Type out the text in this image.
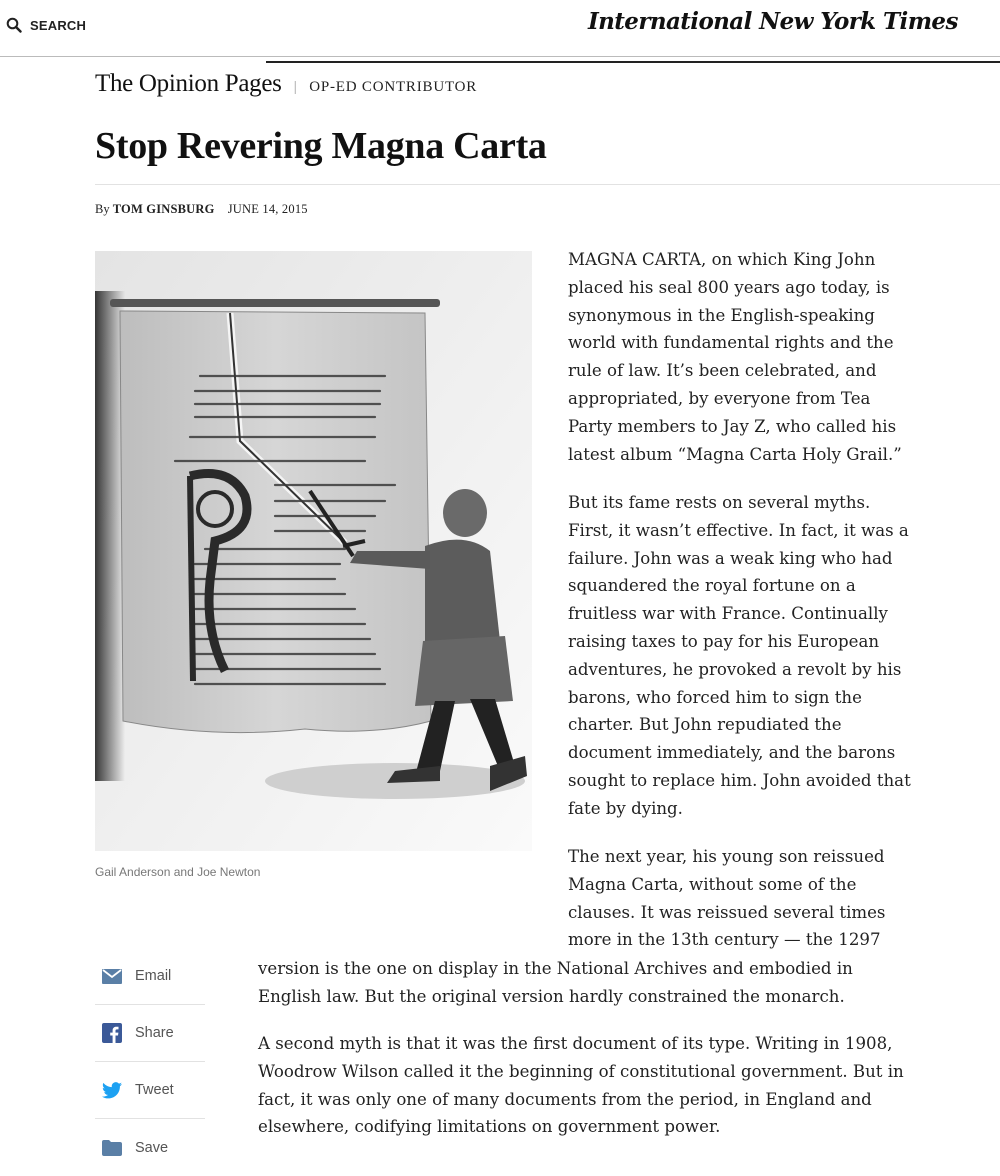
SEARCH	International New York Times
The Opinion Pages | OP-ED CONTRIBUTOR
Stop Revering Magna Carta
By TOM GINSBURG JUNE 14, 2015
Gail Anderson and Joe Newton

MAGNA CARTA, on which King John placed his seal 800 years ago today, is synonymous in the English-speaking world with fundamental rights and the rule of law. It’s been celebrated, and appropriated, by everyone from Tea Party members to Jay Z, who called his latest album “Magna Carta Holy Grail.”

But its fame rests on several myths. First, it wasn’t effective. In fact, it was a failure. John was a weak king who had squandered the royal fortune on a fruitless war with France. Continually raising taxes to pay for his European adventures, he provoked a revolt by his barons, who forced him to sign the charter. But John repudiated the document immediately, and the barons sought to replace him. John avoided that fate by dying.

The next year, his young son reissued Magna Carta, without some of the clauses. It was reissued several times more in the 13th century — the 1297

version is the one on display in the National Archives and embodied in English law. But the original version hardly constrained the monarch.

A second myth is that it was the first document of its type. Writing in 1908, Woodrow Wilson called it the beginning of constitutional government. But in fact, it was only one of many documents from the period, in England and elsewhere, codifying limitations on government power.

Email
Share
Tweet
Save
